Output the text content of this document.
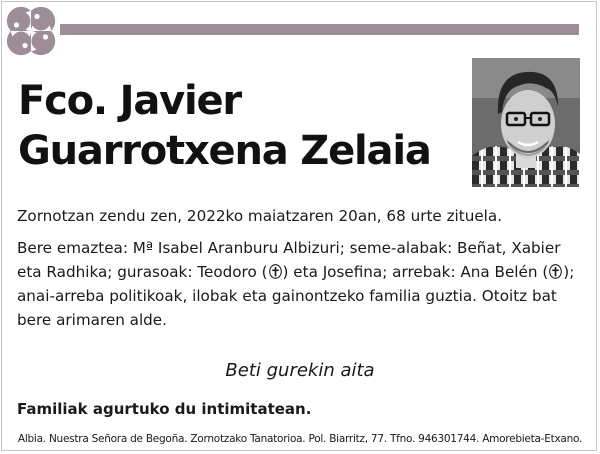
Fco. Javier
Guarrotxena Zelaia

Zornotzan zendu zen, 2022ko maiatzaren 20an, 68 urte zituela.

Bere emaztea: Mª Isabel Aranburu Albizuri; seme-alabak: Beñat, Xabier eta Radhika; gurasoak: Teodoro ( ) eta Josefina; arrebak: Ana Belén ( ); anai-arreba politikoak, ilobak eta gainontzeko familia guztia. Otoitz bat bere arimaren alde.

Beti gurekin aita
Familiak agurtuko du intimitatean.
Albia. Nuestra Señora de Begoña. Zornotzako Tanatorioa. Pol. Biarritz, 77. Tfno. 946301744. Amorebieta-Etxano.
